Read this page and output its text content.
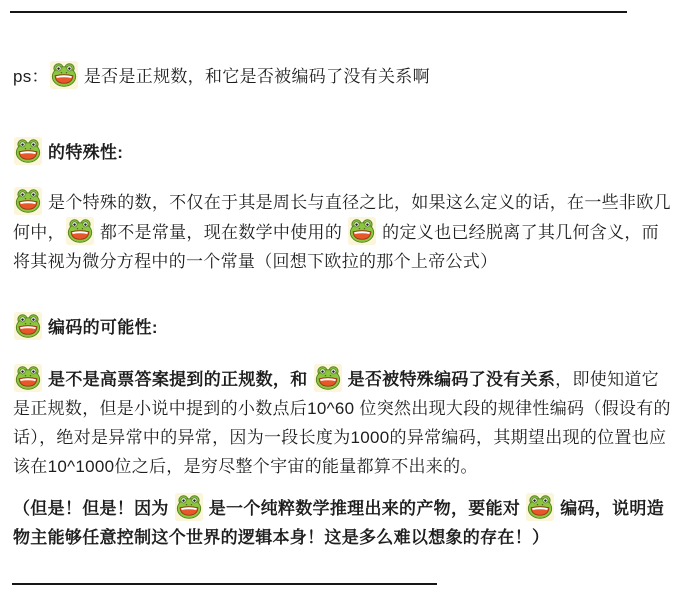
ps：
是否是正规数，和它是否被编码了没有关系啊

的特殊性:

是个特殊的数，不仅在于其是周长与直径之比，如果这么定义的话，在一些非欧几何中，
都不是常量，现在数学中使用的
的定义也已经脱离了其几何含义，而将其视为微分方程中的一个常量（回想下欧拉的那个上帝公式）

编码的可能性:

是不是高票答案提到的正规数，和
是否被特殊编码了没有关系，即使知道它是正规数，但是小说中提到的小数点后10^60 位突然出现大段的规律性编码（假设有的话），绝对是异常中的异常，因为一段长度为1000的异常编码，其期望出现的位置也应该在10^1000位之后，是穷尽整个宇宙的能量都算不出来的。

（但是！但是！因为
是一个纯粹数学推理出来的产物，要能对
编码，说明造物主能够任意控制这个世界的逻辑本身！这是多么难以想象的存在！）
